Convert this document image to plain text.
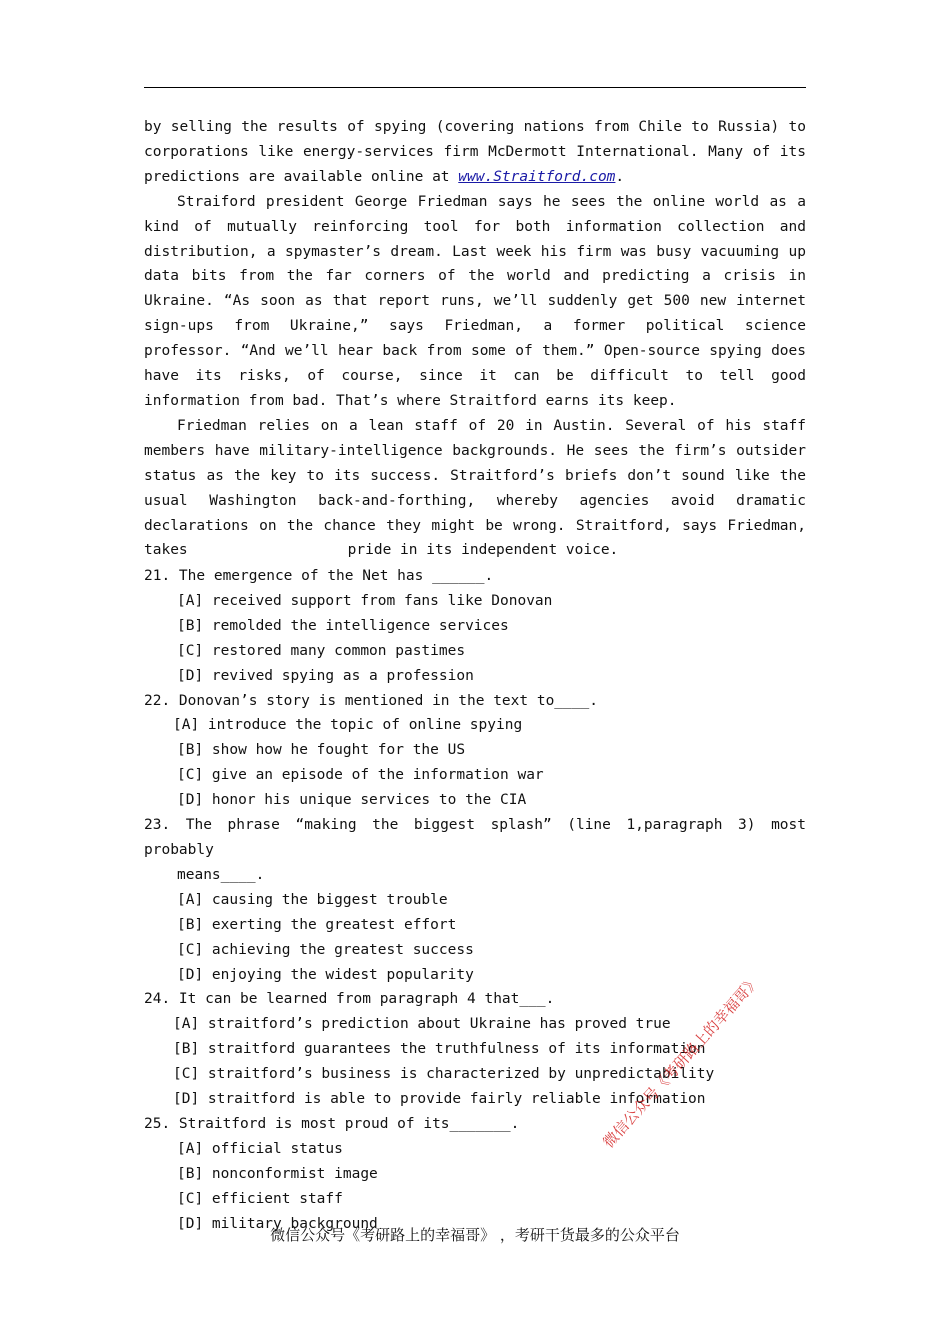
by selling the results of spying (covering nations from Chile to Russia) to corporations like energy-services firm McDermott International. Many of its predictions are available online at www.Straitford.com.

Straiford president George Friedman says he sees the online world as a kind of mutually reinforcing tool for both information collection and distribution, a spymaster’s dream. Last week his firm was busy vacuuming up data bits from the far corners of the world and predicting a crisis in Ukraine. “As soon as that report runs, we’ll suddenly get 500 new internet sign-ups from Ukraine,” says Friedman, a former political science professor. “And we’ll hear back from some of them.” Open-source spying does have its risks, of course, since it can be difficult to tell good information from bad. That’s where Straitford earns its keep.

Friedman relies on a lean staff of 20 in Austin. Several of his staff members have military-intelligence backgrounds. He sees the firm’s outsider status as the key to its success. Straitford’s briefs don’t sound like the usual Washington back-and-forthing, whereby agencies avoid dramatic declarations on the chance they might be wrong. Straitford, says Friedman, takes	pride in its independent voice.

21. The emergence of the Net has ______.

[A] received support from fans like Donovan

[B] remolded the intelligence services

[C] restored many common pastimes

[D] revived spying as a profession

22. Donovan’s story is mentioned in the text to____.

[A] introduce the topic of online spying

[B] show how he fought for the US

[C] give an episode of the information war

[D] honor his unique services to the CIA

23. The phrase “making the biggest splash” (line 1,paragraph 3) most probably

means____.

[A] causing the biggest trouble

[B] exerting the greatest effort

[C] achieving the greatest success

[D] enjoying the widest popularity

24. It can be learned from paragraph 4 that___.

[A] straitford’s prediction about Ukraine has proved true

[B] straitford guarantees the truthfulness of its information

[C] straitford’s business is characterized by unpredictability

[D] straitford is able to provide fairly reliable information

25. Straitford is most proud of its_______.

[A] official status

[B] nonconformist image

[C] efficient staff

[D] military background

微信公众号《考研路上的幸福哥》
微信公众号《考研路上的幸福哥》 ，考研干货最多的公众平台
